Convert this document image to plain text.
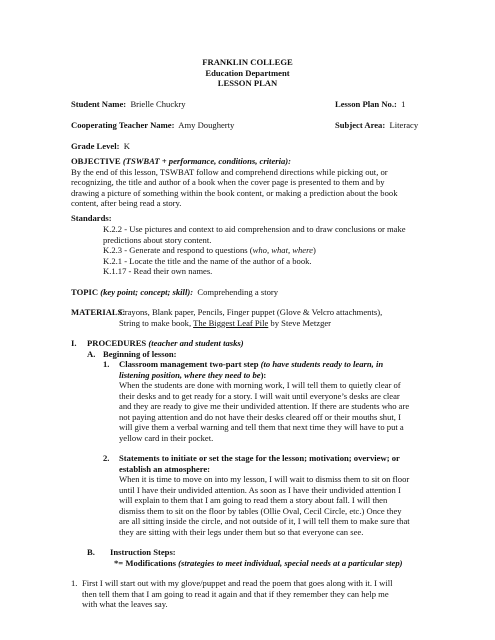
FRANKLIN COLLEGE
Education Department
LESSON PLAN
Student Name: Brielle Chuckry	Lesson Plan No.: 1
Cooperating Teacher Name: Amy Dougherty	Subject Area: Literacy
Grade Level: K
OBJECTIVE (TSWBAT + performance, conditions, criteria):
By the end of this lesson, TSWBAT follow and comprehend directions while picking out, or
recognizing, the title and author of a book when the cover page is presented to them and by
drawing a picture of something within the book content, or making a prediction about the book
content, after being read a story.
Standards:
K.2.2 - Use pictures and context to aid comprehension and to draw conclusions or make
predictions about story content.
K.2.3 - Generate and respond to questions (who, what, where)
K.2.1 - Locate the title and the name of the author of a book.
K.1.17 - Read their own names.
TOPIC (key point; concept; skill): Comprehending a story
MATERIALS:
Crayons, Blank paper, Pencils, Finger puppet (Glove & Velcro attachments),
String to make book, The Biggest Leaf Pile by Steve Metzger
I. PROCEDURES (teacher and student tasks)
A. Beginning of lesson:
1. Classroom management two-part step (to have students ready to learn, in
listening position, where they need to be):
When the students are done with morning work, I will tell them to quietly clear of
their desks and to get ready for a story. I will wait until everyone’s desks are clear
and they are ready to give me their undivided attention. If there are students who are
not paying attention and do not have their desks cleared off or their mouths shut, I
will give them a verbal warning and tell them that next time they will have to put a
yellow card in their pocket.
2. Statements to initiate or set the stage for the lesson; motivation; overview; or
establish an atmosphere:
When it is time to move on into my lesson, I will wait to dismiss them to sit on floor
until I have their undivided attention. As soon as I have their undivided attention I
will explain to them that I am going to read them a story about fall. I will then
dismiss them to sit on the floor by tables (Ollie Oval, Cecil Circle, etc.) Once they
are all sitting inside the circle, and not outside of it, I will tell them to make sure that
they are sitting with their legs under them but so that everyone can see.
B. Instruction Steps:
*= Modifications (strategies to meet individual, special needs at a particular step)
1. First I will start out with my glove/puppet and read the poem that goes along with it. I will
then tell them that I am going to read it again and that if they remember they can help me
with what the leaves say.
